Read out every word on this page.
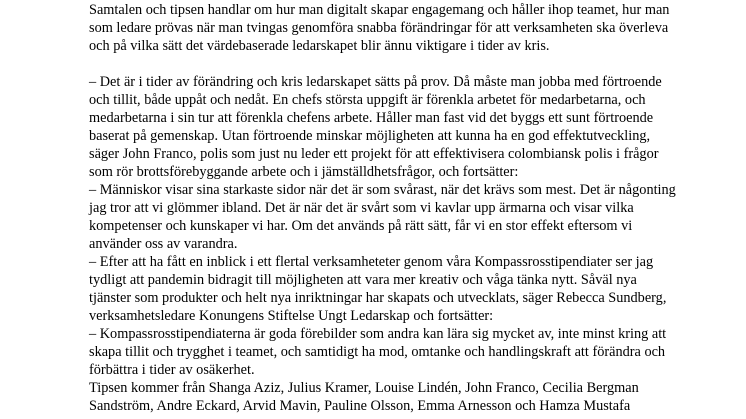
Samtalen och tipsen handlar om hur man digitalt skapar engagemang och håller ihop teamet, hur man
som ledare prövas när man tvingas genomföra snabba förändringar för att verksamheten ska överleva
och på vilka sätt det värdebaserade ledarskapet blir ännu viktigare i tider av kris.

– Det är i tider av förändring och kris ledarskapet sätts på prov. Då måste man jobba med förtroende
och tillit, både uppåt och nedåt. En chefs största uppgift är förenkla arbetet för medarbetarna, och
medarbetarna i sin tur att förenkla chefens arbete. Håller man fast vid det byggs ett sunt förtroende
baserat på gemenskap. Utan förtroende minskar möjligheten att kunna ha en god effektutveckling,
säger John Franco, polis som just nu leder ett projekt för att effektivisera colombiansk polis i frågor
som rör brottsförebyggande arbete och i jämställdhetsfrågor, och fortsätter:

– Människor visar sina starkaste sidor när det är som svårast, när det krävs som mest. Det är någonting
jag tror att vi glömmer ibland. Det är när det är svårt som vi kavlar upp ärmarna och visar vilka
kompetenser och kunskaper vi har. Om det används på rätt sätt, får vi en stor effekt eftersom vi
använder oss av varandra.

– Efter att ha fått en inblick i ett flertal verksamheteter genom våra Kompassrosstipendiater ser jag
tydligt att pandemin bidragit till möjligheten att vara mer kreativ och våga tänka nytt. Såväl nya
tjänster som produkter och helt nya inriktningar har skapats och utvecklats, säger Rebecca Sundberg,
verksamhetsledare Konungens Stiftelse Ungt Ledarskap och fortsätter:

– Kompassrosstipendiaterna är goda förebilder som andra kan lära sig mycket av, inte minst kring att
skapa tillit och trygghet i teamet, och samtidigt ha mod, omtanke och handlingskraft att förändra och
förbättra i tider av osäkerhet.

Tipsen kommer från Shanga Aziz, Julius Kramer, Louise Lindén, John Franco, Cecilia Bergman
Sandström, Andre Eckard, Arvid Mavin, Pauline Olsson, Emma Arnesson och Hamza Mustafa
